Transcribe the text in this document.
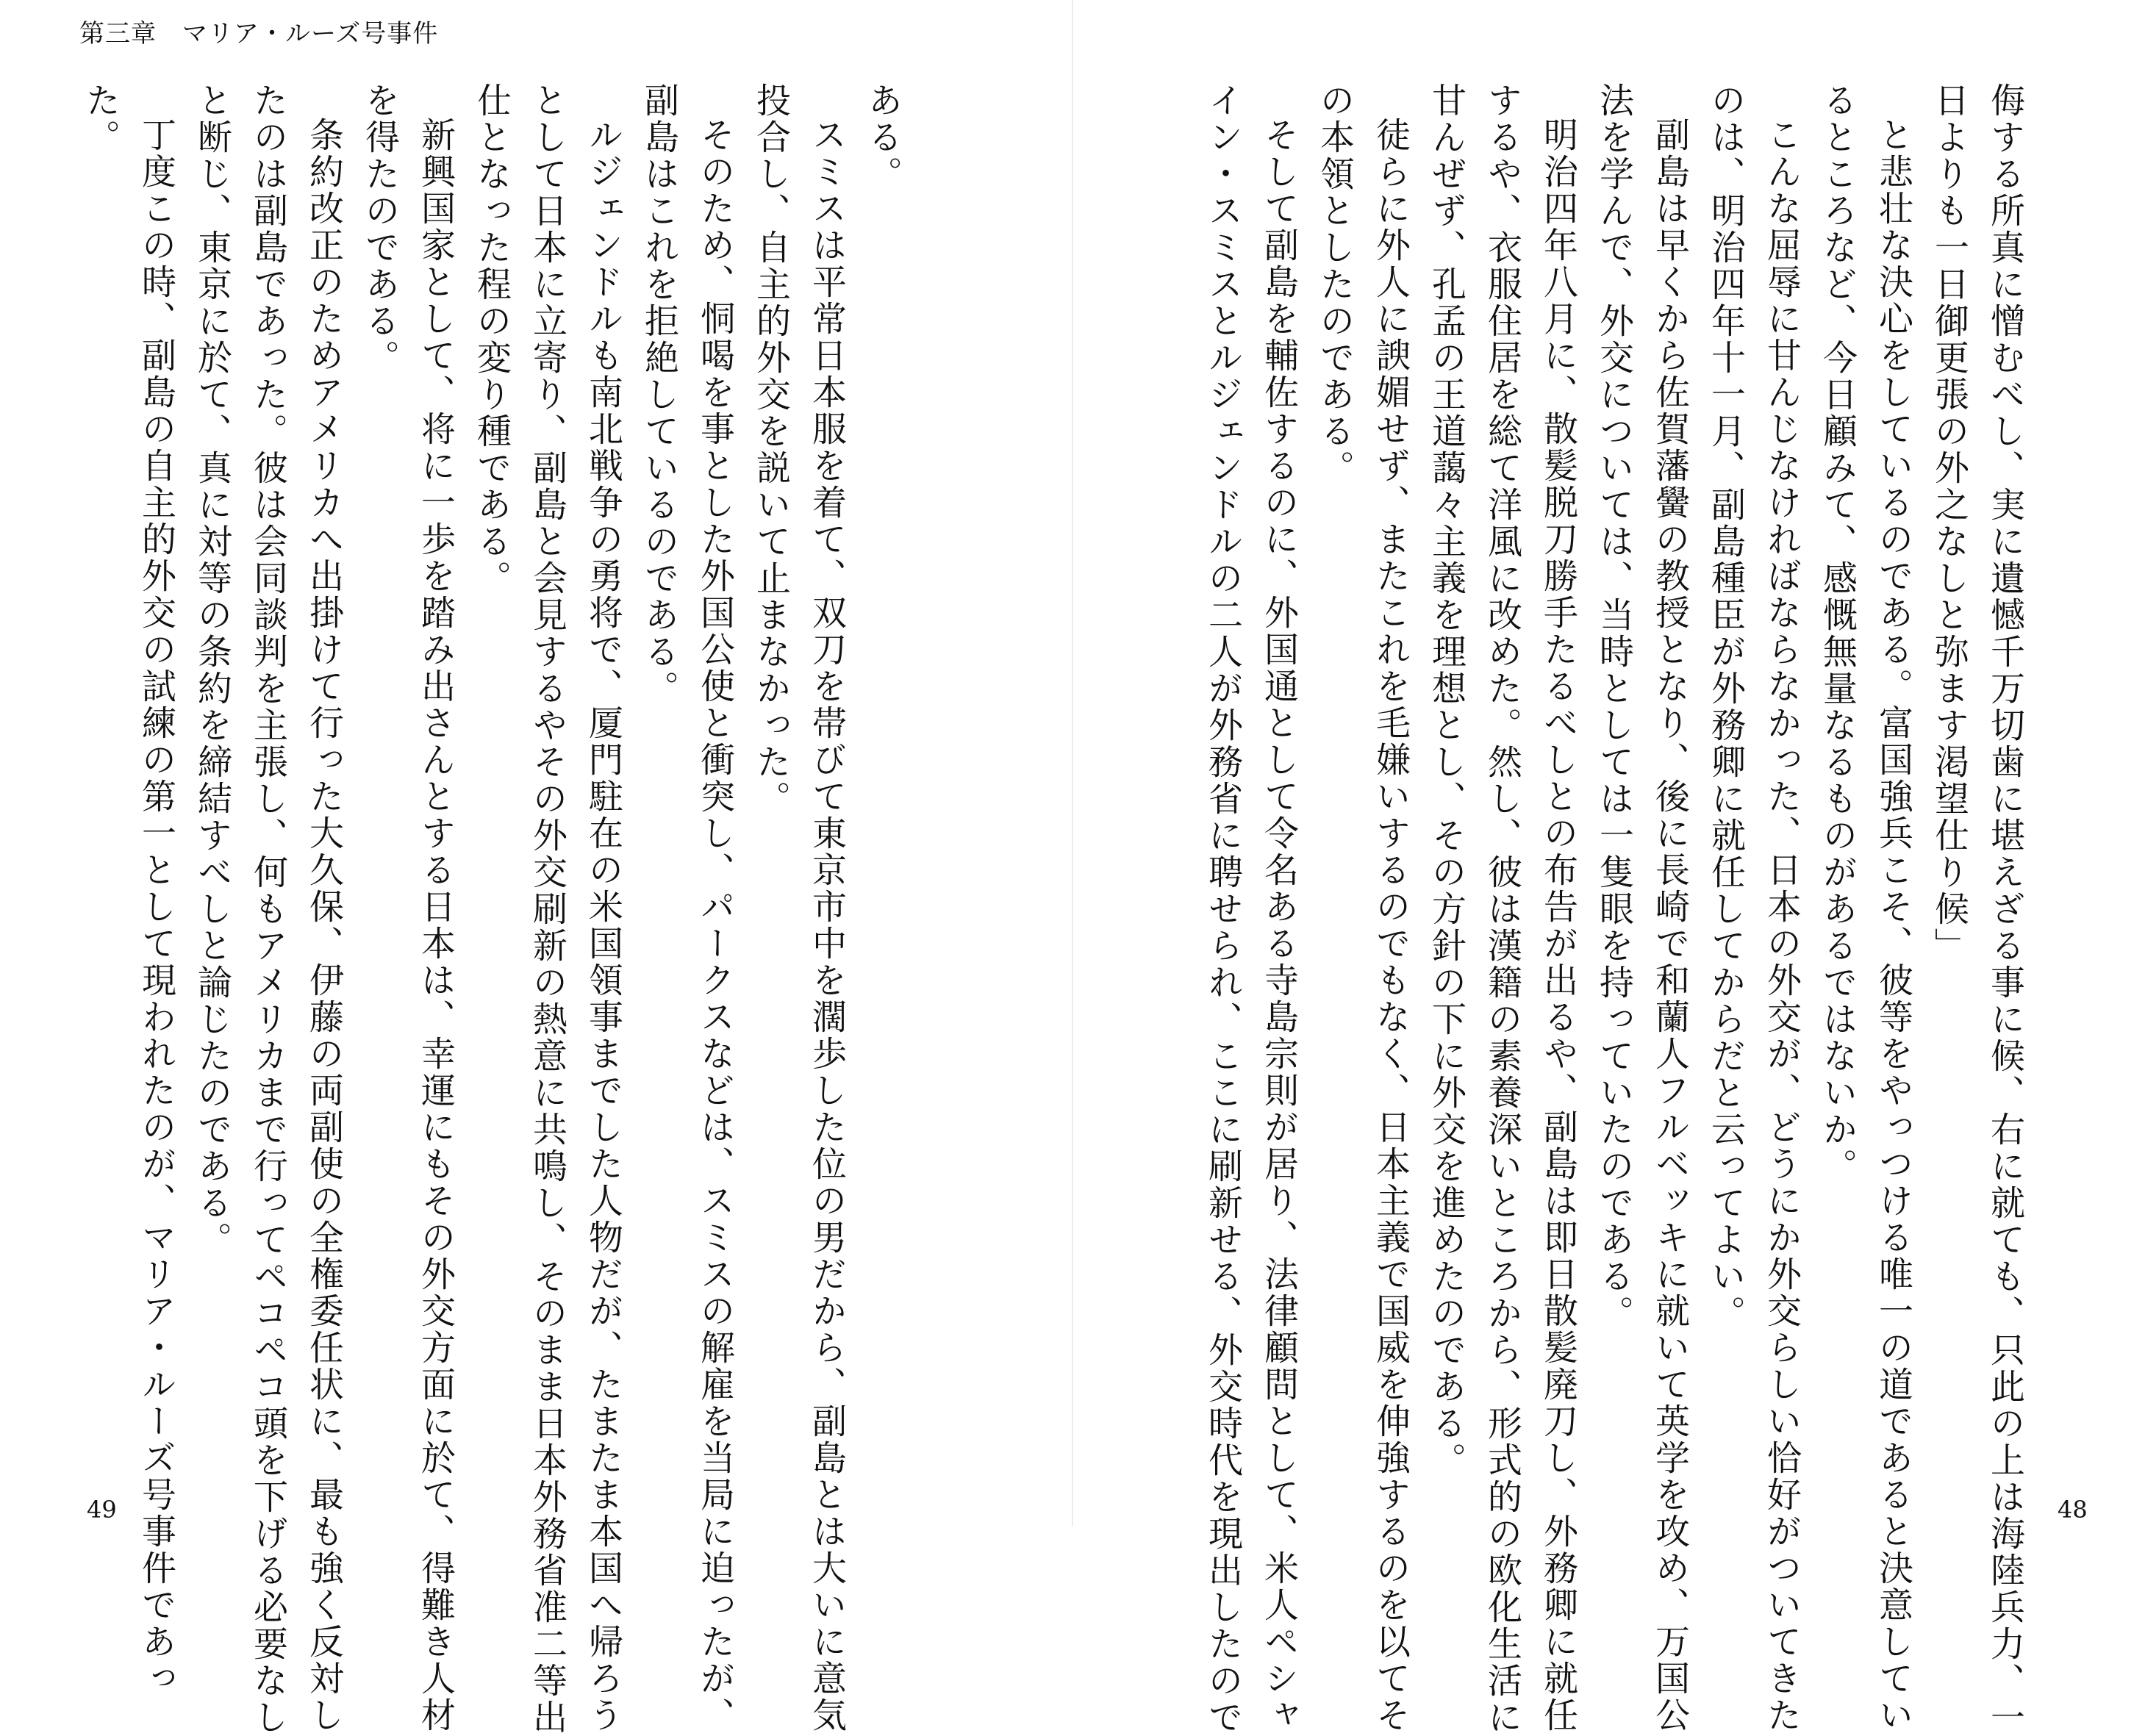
第三章　マリア・ルーズ号事件
ある。
スミスは平常日本服を着て、双刀を帯びて東京市中を濶歩した位の男だから、副島とは大いに意気
投合し、自主的外交を説いて止まなかった。
そのため、恫喝を事とした外国公使と衝突し、パークスなどは、スミスの解雇を当局に迫ったが、
副島はこれを拒絶しているのである。
ルジェンドルも南北戦争の勇将で、厦門駐在の米国領事までした人物だが、たまたま本国へ帰ろう
として日本に立寄り、副島と会見するやその外交刷新の熱意に共鳴し、そのまま日本外務省准二等出
仕となった程の変り種である。
新興国家として、将に一歩を踏み出さんとする日本は、幸運にもその外交方面に於て、得難き人材
を得たのである。
条約改正のためアメリカへ出掛けて行った大久保、伊藤の両副使の全権委任状に、最も強く反対し
たのは副島であった。彼は会同談判を主張し、何もアメリカまで行ってペコペコ頭を下げる必要なし
と断じ、東京に於て、真に対等の条約を締結すべしと論じたのである。
丁度この時、副島の自主的外交の試練の第一として現われたのが、マリア・ルーズ号事件であっ
た。
49	48
侮する所真に憎むべし、実に遺憾千万切歯に堪えざる事に候、右に就ても、只此の上は海陸兵力、一
日よりも一日御更張の外之なしと弥ます渇望仕り候」
と悲壮な決心をしているのである。富国強兵こそ、彼等をやっつける唯一の道であると決意してい
るところなど、今日顧みて、感慨無量なるものがあるではないか。
こんな屈辱に甘んじなければならなかった、日本の外交が、どうにか外交らしい恰好がついてきた
のは、明治四年十一月、副島種臣が外務卿に就任してからだと云ってよい。
副島は早くから佐賀藩黌の教授となり、後に長崎で和蘭人フルベッキに就いて英学を攻め、万国公
法を学んで、外交については、当時としては一隻眼を持っていたのである。
明治四年八月に、散髪脱刀勝手たるべしとの布告が出るや、副島は即日散髪廃刀し、外務卿に就任
するや、衣服住居を総て洋風に改めた。然し、彼は漢籍の素養深いところから、形式的の欧化生活に
甘んぜず、孔孟の王道藹々主義を理想とし、その方針の下に外交を進めたのである。
徒らに外人に諛媚せず、またこれを毛嫌いするのでもなく、日本主義で国威を伸強するのを以てそ
の本領としたのである。
そして副島を輔佐するのに、外国通として令名ある寺島宗則が居り、法律顧問として、米人ペシャ
イン・スミスとルジェンドルの二人が外務省に聘せられ、ここに刷新せる、外交時代を現出したので
